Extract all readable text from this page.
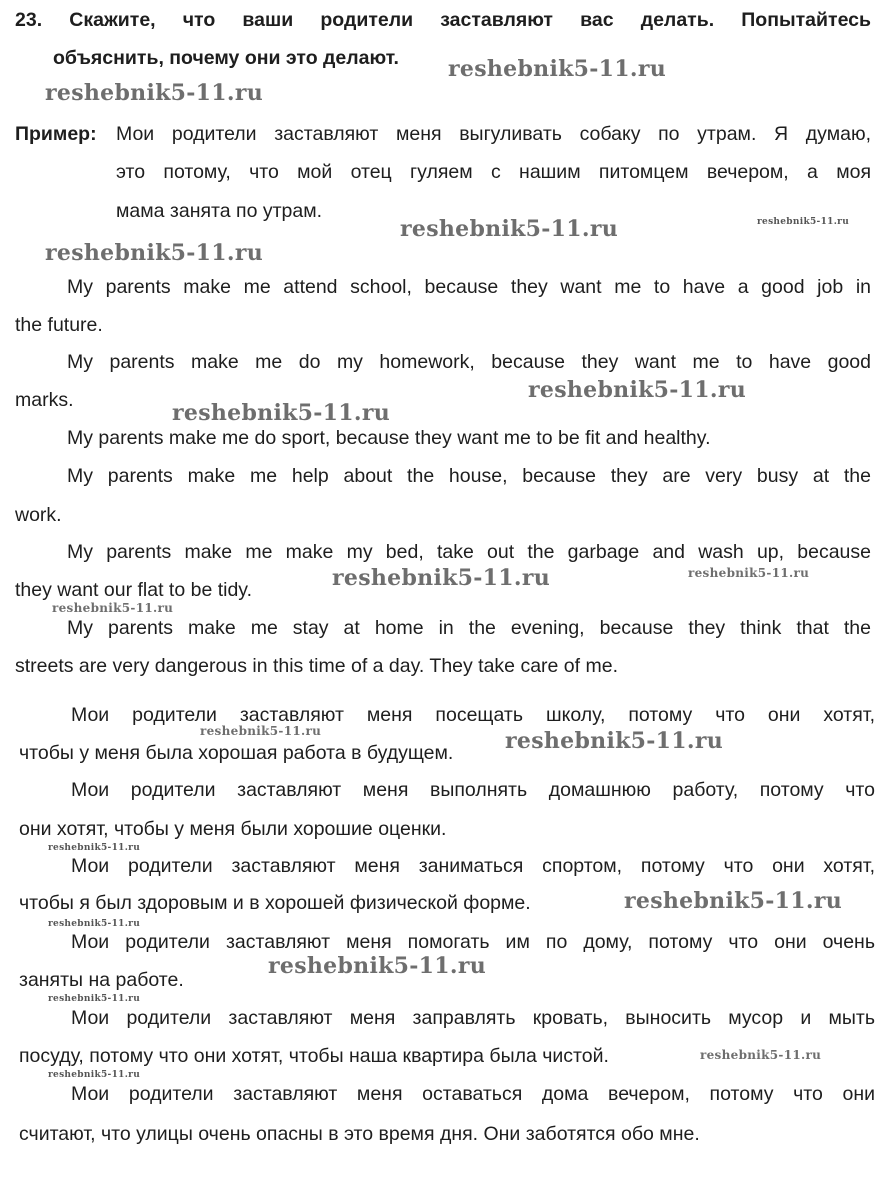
23. Скажите, что ваши родители заставляют вас делать. Попытайтесь
объяснить, почему они это делают.
Пример: Мои родители заставляют меня выгуливать собаку по утрам. Я думаю,
это потому, что мой отец гуляем с нашим питомцем вечером, а моя
мама занята по утрам.
My parents make me attend school, because they want me to have a good job in
the future.
My parents make me do my homework, because they want me to have good
marks.
My parents make me do sport, because they want me to be fit and healthy.
My parents make me help about the house, because they are very busy at the
work.
My parents make me make my bed, take out the garbage and wash up, because
they want our flat to be tidy.
My parents make me stay at home in the evening, because they think that the
streets are very dangerous in this time of a day. They take care of me.
Мои родители заставляют меня посещать школу, потому что они хотят,
чтобы у меня была хорошая работа в будущем.
Мои родители заставляют меня выполнять домашнюю работу, потому что
они хотят, чтобы у меня были хорошие оценки.
Мои родители заставляют меня заниматься спортом, потому что они хотят,
чтобы я был здоровым и в хорошей физической форме.
Мои родители заставляют меня помогать им по дому, потому что они очень
заняты на работе.
Мои родители заставляют меня заправлять кровать, выносить мусор и мыть
посуду, потому что они хотят, чтобы наша квартира была чистой.
Мои родители заставляют меня оставаться дома вечером, потому что они
считают, что улицы очень опасны в это время дня. Они заботятся обо мне.
reshebnik5-11.ru
reshebnik5-11.ru
reshebnik5-11.ru	reshebnik5-11.ru
reshebnik5-11.ru
reshebnik5-11.ru
reshebnik5-11.ru
reshebnik5-11.ru	reshebnik5-11.ru
reshebnik5-11.ru
reshebnik5-11.ru	reshebnik5-11.ru
reshebnik5-11.ru
reshebnik5-11.ru
reshebnik5-11.ru
reshebnik5-11.ru
reshebnik5-11.ru
reshebnik5-11.ru
reshebnik5-11.ru
